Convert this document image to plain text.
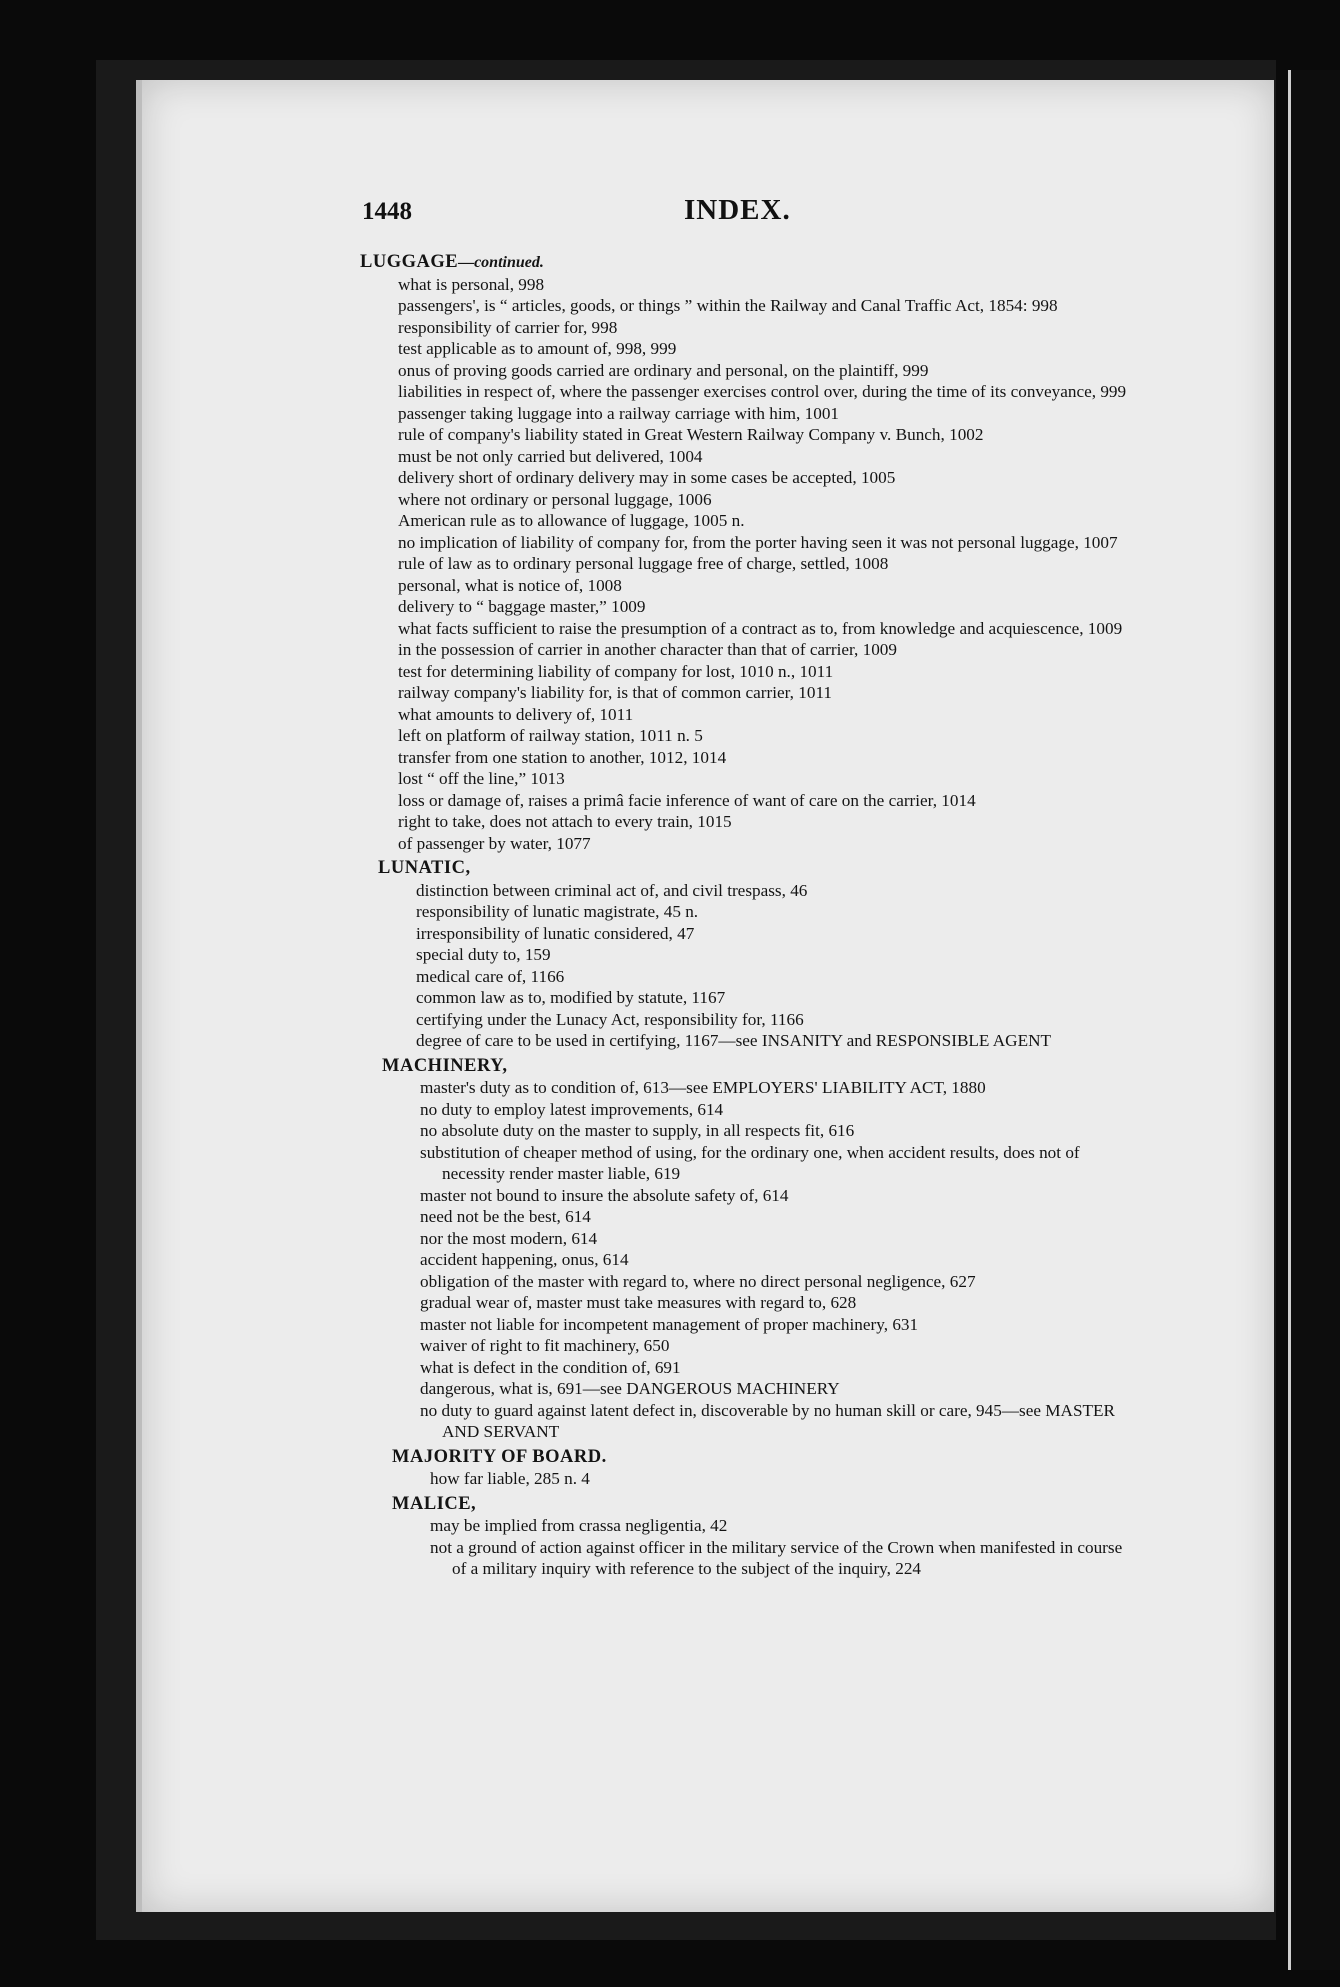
1448	INDEX.
LUGGAGE—continued.
what is personal, 998
passengers', is “ articles, goods, or things ” within the Railway and Canal Traffic Act, 1854: 998
responsibility of carrier for, 998
test applicable as to amount of, 998, 999
onus of proving goods carried are ordinary and personal, on the plaintiff, 999
liabilities in respect of, where the passenger exercises control over, during the time of its conveyance, 999
passenger taking luggage into a railway carriage with him, 1001
rule of company's liability stated in Great Western Railway Company v. Bunch, 1002
must be not only carried but delivered, 1004
delivery short of ordinary delivery may in some cases be accepted, 1005
where not ordinary or personal luggage, 1006
American rule as to allowance of luggage, 1005 n.
no implication of liability of company for, from the porter having seen it was not personal luggage, 1007
rule of law as to ordinary personal luggage free of charge, settled, 1008
personal, what is notice of, 1008
delivery to “ baggage master,” 1009
what facts sufficient to raise the presumption of a contract as to, from knowledge and acquiescence, 1009
in the possession of carrier in another character than that of carrier, 1009
test for determining liability of company for lost, 1010 n., 1011
railway company's liability for, is that of common carrier, 1011
what amounts to delivery of, 1011
left on platform of railway station, 1011 n. 5
transfer from one station to another, 1012, 1014
lost “ off the line,” 1013
loss or damage of, raises a primâ facie inference of want of care on the carrier, 1014
right to take, does not attach to every train, 1015
of passenger by water, 1077
LUNATIC,
distinction between criminal act of, and civil trespass, 46
responsibility of lunatic magistrate, 45 n.
irresponsibility of lunatic considered, 47
special duty to, 159
medical care of, 1166
common law as to, modified by statute, 1167
certifying under the Lunacy Act, responsibility for, 1166
degree of care to be used in certifying, 1167—see INSANITY and RESPONSIBLE AGENT
MACHINERY,
master's duty as to condition of, 613—see EMPLOYERS' LIABILITY ACT, 1880
no duty to employ latest improvements, 614
no absolute duty on the master to supply, in all respects fit, 616
substitution of cheaper method of using, for the ordinary one, when accident results, does not of necessity render master liable, 619
master not bound to insure the absolute safety of, 614
need not be the best, 614
nor the most modern, 614
accident happening, onus, 614
obligation of the master with regard to, where no direct personal negligence, 627
gradual wear of, master must take measures with regard to, 628
master not liable for incompetent management of proper machinery, 631
waiver of right to fit machinery, 650
what is defect in the condition of, 691
dangerous, what is, 691—see DANGEROUS MACHINERY
no duty to guard against latent defect in, discoverable by no human skill or care, 945—see MASTER AND SERVANT
MAJORITY OF BOARD.
how far liable, 285 n. 4
MALICE,
may be implied from crassa negligentia, 42
not a ground of action against officer in the military service of the Crown when manifested in course of a military inquiry with reference to the subject of the inquiry, 224
